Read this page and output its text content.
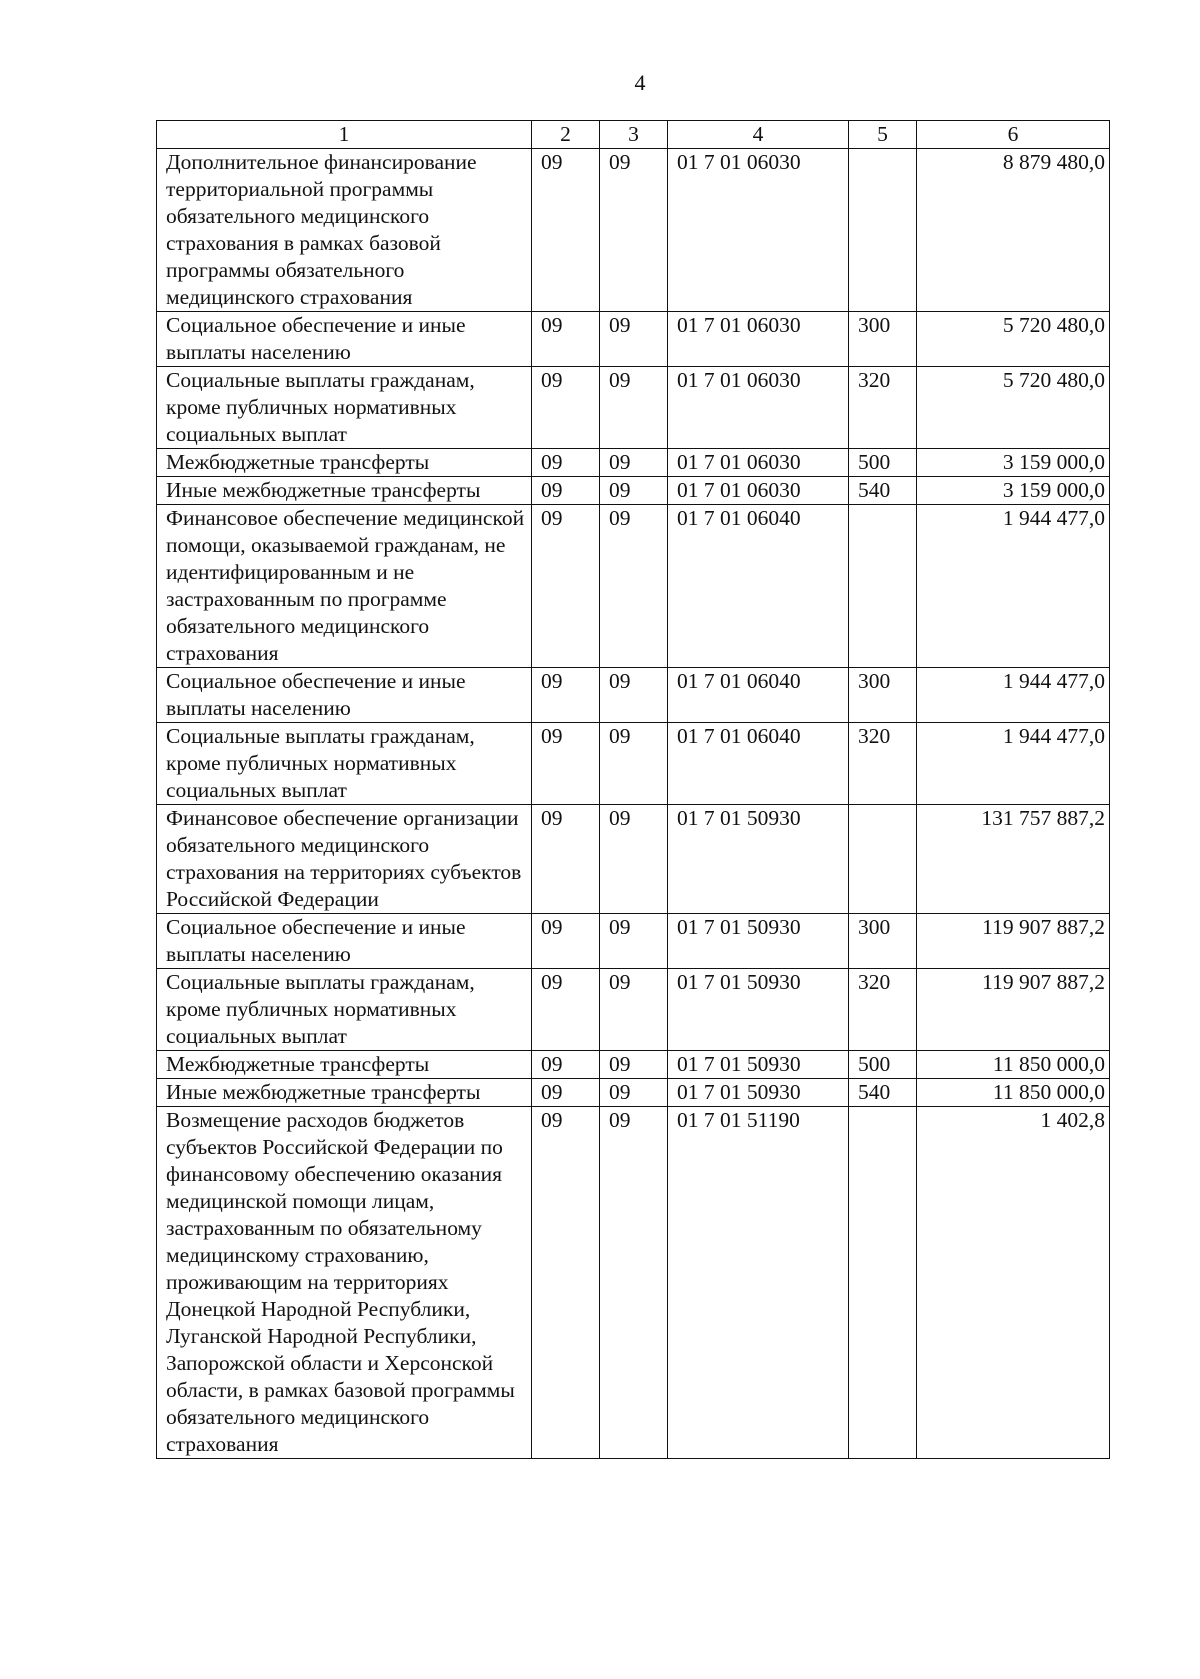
4
1	2	3	4	5	6
Дополнительное финансирование территориальной программы обязательного медицинского страхования в рамках базовой программы обязательного медицинского страхования	09	09	01 7 01 06030		8 879 480,0
Социальное обеспечение и иные выплаты населению	09	09	01 7 01 06030	300	5 720 480,0
Социальные выплаты гражданам, кроме публичных нормативных социальных выплат	09	09	01 7 01 06030	320	5 720 480,0
Межбюджетные трансферты	09	09	01 7 01 06030	500	3 159 000,0
Иные межбюджетные трансферты	09	09	01 7 01 06030	540	3 159 000,0
Финансовое обеспечение медицинской помощи, оказываемой гражданам, не идентифицированным и не застрахованным по программе обязательного медицинского страхования	09	09	01 7 01 06040		1 944 477,0
Социальное обеспечение и иные выплаты населению	09	09	01 7 01 06040	300	1 944 477,0
Социальные выплаты гражданам, кроме публичных нормативных социальных выплат	09	09	01 7 01 06040	320	1 944 477,0
Финансовое обеспечение организации обязательного медицинского страхования на территориях субъектов Российской Федерации	09	09	01 7 01 50930		131 757 887,2
Социальное обеспечение и иные выплаты населению	09	09	01 7 01 50930	300	119 907 887,2
Социальные выплаты гражданам, кроме публичных нормативных социальных выплат	09	09	01 7 01 50930	320	119 907 887,2
Межбюджетные трансферты	09	09	01 7 01 50930	500	11 850 000,0
Иные межбюджетные трансферты	09	09	01 7 01 50930	540	11 850 000,0
Возмещение расходов бюджетов субъектов Российской Федерации по финансовому обеспечению оказания медицинской помощи лицам, застрахованным по обязательному медицинскому страхованию, проживающим на территориях Донецкой Народной Республики, Луганской Народной Республики, Запорожской области и Херсонской области, в рамках базовой программы обязательного медицинского страхования	09	09	01 7 01 51190		1 402,8
